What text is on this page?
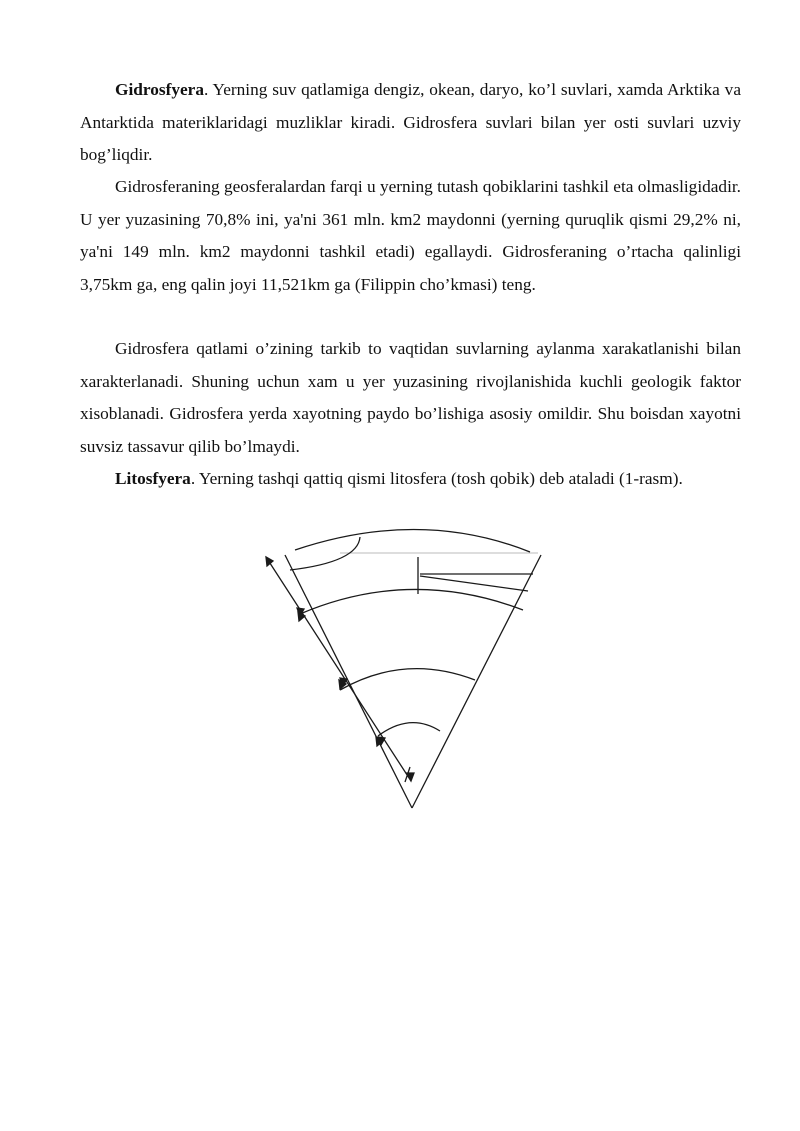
Gidrosfyera. Yerning suv qatlamiga dengiz, okean, daryo, ko’l suvlari, xamda Arktika va Antarktida materiklaridagi muzliklar kiradi. Gidrosfera suvlari bilan yer osti suvlari uzviy bog’liqdir.

Gidrosferaning geosferalardan farqi u yerning tutash qobiklarini tashkil eta olmasligidadir. U yer yuzasining 70,8% ini, ya'ni 361 mln. km2 maydonni (yerning quruqlik qismi 29,2% ni, ya'ni 149 mln. km2 maydonni tashkil etadi) egallaydi. Gidrosferaning o’rtacha qalinligi 3,75km ga, eng qalin joyi 11,521km ga (Filippin cho’kmasi) teng.

Gidrosfera qatlami o’zining tarkib to vaqtidan suvlarning aylanma xarakatlanishi bilan xarakterlanadi. Shuning uchun xam u yer yuzasining rivojlanishida kuchli geologik faktor xisoblanadi. Gidrosfera yerda xayotning paydo bo’lishiga asosiy omildir. Shu boisdan xayotni suvsiz tassavur qilib bo’lmaydi.

Litosfyera. Yerning tashqi qattiq qismi litosfera (tosh qobik) deb ataladi (1-rasm).
